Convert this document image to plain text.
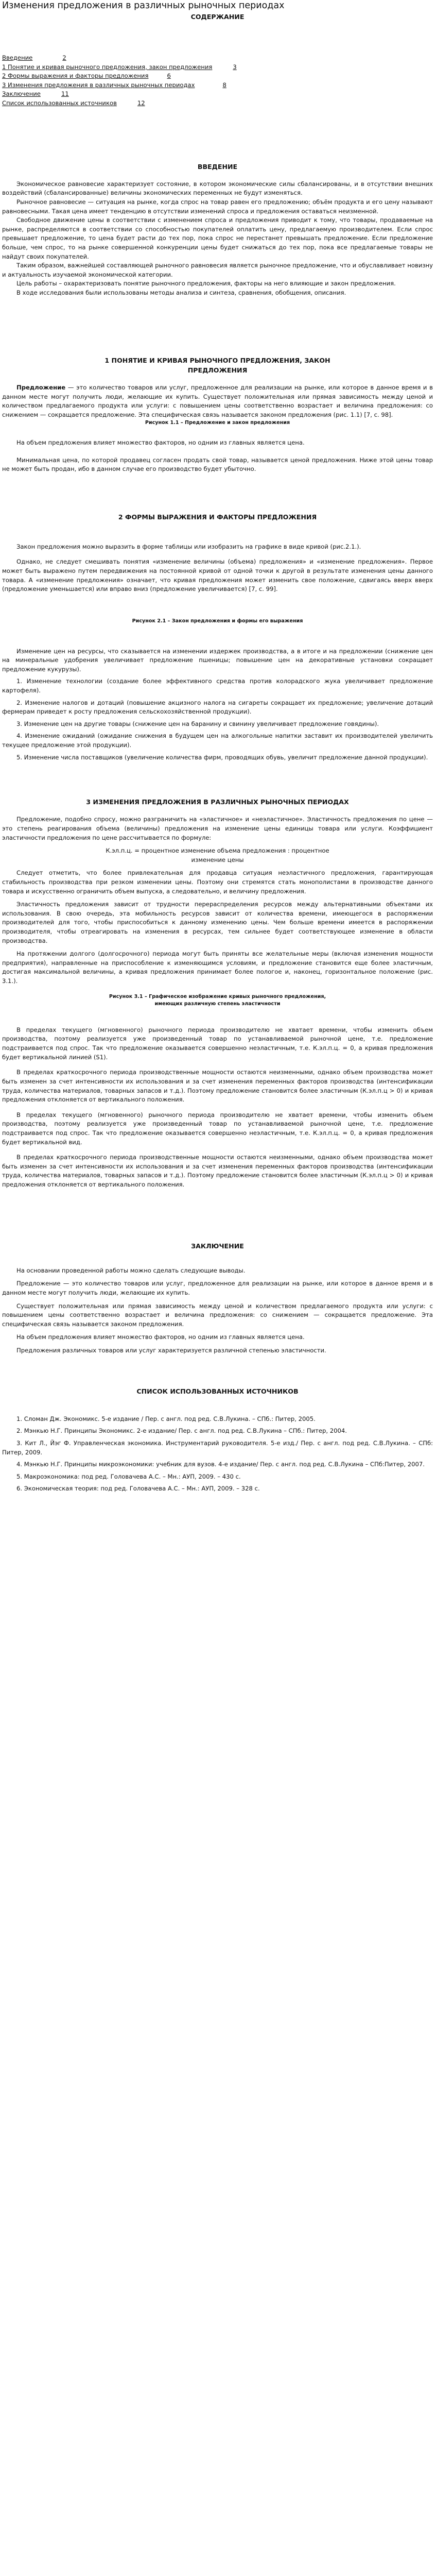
Изменения предложения в различных рыночных периодах
СОДЕРЖАНИЕ
Введение	2
1 Понятие и кривая рыночного предложения, закон предложения	3
2 Формы выражения и факторы предложения	6
3 Изменения предложения в различных рыночных периодах	8
Заключение	11
Список использованных источников	12
ВВЕДЕНИЕ

Экономическое равновесие характеризует состояние, в котором экономические силы сбалансированы, и в отсутствии внешних воздействий (сбалансированные) величины экономических переменных не будут изменяться.

Рыночное равновесие — ситуация на рынке, когда спрос на товар равен его предложению; объём продукта и его цену называют равновесными. Такая цена имеет тенденцию в отсутствии изменений спроса и предложения оставаться неизменной.

Свободное движение цены в соответствии с изменением спроса и предложения приводит к тому, что товары, продаваемые на рынке, распределяются в соответствии со способностью покупателей оплатить цену, предлагаемую производителем. Если спрос превышает предложение, то цена будет расти до тех пор, пока спрос не перестанет превышать предложение. Если предложение больше, чем спрос, то на рынке совершенной конкуренции цены будет снижаться до тех пор, пока все предлагаемые товары не найдут своих покупателей.

Таким образом, важнейшей составляющей рыночного равновесия является рыночное предложение, что и обуславливает новизну и актуальность изучаемой экономической категории.

Цель работы – охарактеризовать понятие рыночного предложения, факторы на него влияющие и закон предложения.

В ходе исследования были использованы методы анализа и синтеза, сравнения, обобщения, описания.

1 ПОНЯТИЕ И КРИВАЯ РЫНОЧНОГО ПРЕДЛОЖЕНИЯ, ЗАКОН
ПРЕДЛОЖЕНИЯ

Предложение — это количество товаров или услуг, предложенное для реализации на рынке, или которое в данное время и в данном месте могут получить люди, желающие их купить. Существует положительная или прямая зависимость между ценой и количеством предлагаемого продукта или услуги: с повышением цены соответственно возрастает и величина предложения: со снижением — сокращается предложение. Эта специфическая связь называется законом предложения (рис. 1.1) [7, с. 98].

Рисунок 1.1 – Предложение и закон предложения

На объем предложения влияет множество факторов, но одним из главных является цена.

Минимальная цена, по которой продавец согласен продать свой товар, называется ценой предложения. Ниже этой цены товар не может быть продан, ибо в данном случае его производство будет убыточно.

2 ФОРМЫ ВЫРАЖЕНИЯ И ФАКТОРЫ ПРЕДЛОЖЕНИЯ

Закон предложения можно выразить в форме таблицы или изобразить на графике в виде кривой (рис.2.1.).

Однако, не следует смешивать понятия «изменение величины (объема) предложения» и «изменение предложения». Первое может быть выражено путем передвижения на постоянной кривой от одной точки к другой в результате изменения цены данного товара. А «изменение предложения» означает, что кривая предложения может изменить свое положение, сдвигаясь вверх вверх (предложение уменьшается) или вправо вниз (предложение увеличивается) [7, с. 99].

Рисунок 2.1 – Закон предложения и формы его выражения

Изменение цен на ресурсы, что сказывается на изменении издержек производства, а в итоге и на предложении (снижение цен на минеральные удобрения увеличивает предложение пшеницы; повышение цен на декоративные установки сокращает предложение кукурузы).

1. Изменение технологии (создание более эффективного средства против колорадского жука увеличивает предложение картофеля).

2. Изменение налогов и дотаций (повышение акцизного налога на сигареты сокращает их предложение; увеличение дотаций фермерам приведет к росту предложения сельскохозяйственной продукции).

3. Изменение цен на другие товары (снижение цен на баранину и свинину увеличивает предложение говядины).

4. Изменение ожиданий (ожидание снижения в будущем цен на алкогольные напитки заставит их производителей увеличить текущее предложение этой продукции).

5. Изменение числа поставщиков (увеличение количества фирм, проводящих обувь, увеличит предложение данной продукции).

3 ИЗМЕНЕНИЯ ПРЕДЛОЖЕНИЯ В РАЗЛИЧНЫХ РЫНОЧНЫХ ПЕРИОДАХ

Предложение, подобно спросу, можно разграничить на «эластичное» и «неэластичное». Эластичность предложения по цене — это степень реагирования объема (величины) предложения на изменение цены единицы товара или услуги. Коэффициент эластичности предложения по цене рассчитывается по формуле:

К.эл.п.ц. = процентное изменение объема предложения : процентное
изменение цены

Следует отметить, что более привлекательная для продавца ситуация неэластичного предложения, гарантирующая стабильность производства при резком изменении цены. Поэтому они стремятся стать монополистами в производстве данного товара и искусственно ограничить объем выпуска, а следовательно, и величину предложения.

Эластичность предложения зависит от трудности перераспределения ресурсов между альтернативными объектами их использования. В свою очередь, эта мобильность ресурсов зависит от количества времени, имеющегося в распоряжении производителей для того, чтобы приспособиться к данному изменению цены. Чем больше времени имеется в распоряжении производителя, чтобы отреагировать на изменения в ресурсах, тем сильнее будет соответствующее изменение в области производства.

На протяжении долгого (долгосрочного) периода могут быть приняты все желательные меры (включая изменения мощности предприятия), направленные на приспособление к изменяющимся условиям, и предложение становится еще более эластичным, достигая максимальной величины, а кривая предложения принимает более пологое и, наконец, горизонтальное положение (рис. 3.1.).

Рисунок 3.1 – Графическое изображение кривых рыночного предложения,
имеющих различную степень эластичности

В пределах текущего (мгновенного) рыночного периода производителю не хватает времени, чтобы изменить объем производства, поэтому реализуется уже произведенный товар по устанавливаемой рыночной цене, т.е. предложение подстраивается под спрос. Так что предложение оказывается совершенно неэластичным, т.е. К.эл.п.ц. = 0, а кривая предложения будет вертикальной линией (S1).

В пределах краткосрочного периода производственные мощности остаются неизменными, однако объем производства может быть изменен за счет интенсивности их использования и за счет изменения переменных факторов производства (интенсификации труда, количества материалов, товарных запасов и т.д.). Поэтому предложение становится более эластичным (К.эл.п.ц > 0) и кривая предложения отклоняется от вертикального положения.

В пределах текущего (мгновенного) рыночного периода производителю не хватает времени, чтобы изменить объем производства, поэтому реализуется уже произведенный товар по устанавливаемой рыночной цене, т.е. предложение подстраивается под спрос. Так что предложение оказывается совершенно неэластичным, т.е. К.эл.п.ц. = 0, а кривая предложения будет вертикальной вид.

В пределах краткосрочного периода производственные мощности остаются неизменными, однако объем производства может быть изменен за счет интенсивности их использования и за счет изменения переменных факторов производства (интенсификации труда, количества материалов, товарных запасов и т.д.). Поэтому предложение становится более эластичным (К.эл.п.ц > 0) и кривая предложения отклоняется от вертикального положения.

ЗАКЛЮЧЕНИЕ

На основании проведенной работы можно сделать следующие выводы.

Предложение — это количество товаров или услуг, предложенное для реализации на рынке, или которое в данное время и в данном месте могут получить люди, желающие их купить.

Существует положительная или прямая зависимость между ценой и количеством предлагаемого продукта или услуги: с повышением цены соответственно возрастает и величина предложения: со снижением — сокращается предложение. Эта специфическая связь называется законом предложения.

На объем предложения влияет множество факторов, но одним из главных является цена.

Предложения различных товаров или услуг характеризуется различной степенью эластичности.

СПИСОК ИСПОЛЬЗОВАННЫХ ИСТОЧНИКОВ

1. Сломан Дж. Экономикс. 5-е издание / Пер. с англ. под ред. С.В.Лукина. – СПб.: Питер, 2005.

2. Мэнкью Н.Г. Принципы Экономикс. 2-е издание/ Пер. с англ. под ред. С.В.Лукина – СПб.: Питер, 2004.

3. Кит Л., Йэг Ф. Управленческая экономика. Инструментарий руководителя. 5-е изд./ Пер. с англ. под ред. С.В.Лукина. – СПб: Питер, 2009.

4. Мэнкью Н.Г. Принципы микроэкономики: учебник для вузов. 4-е издание/ Пер. с англ. под ред. С.В.Лукина – СПб:Питер, 2007.

5. Макроэкономика: под ред. Головачева А.С. – Мн.: АУП, 2009. – 430 с.

6. Экономическая теория: под ред. Головачева А.С. – Мн.: АУП, 2009. – 328 с.
